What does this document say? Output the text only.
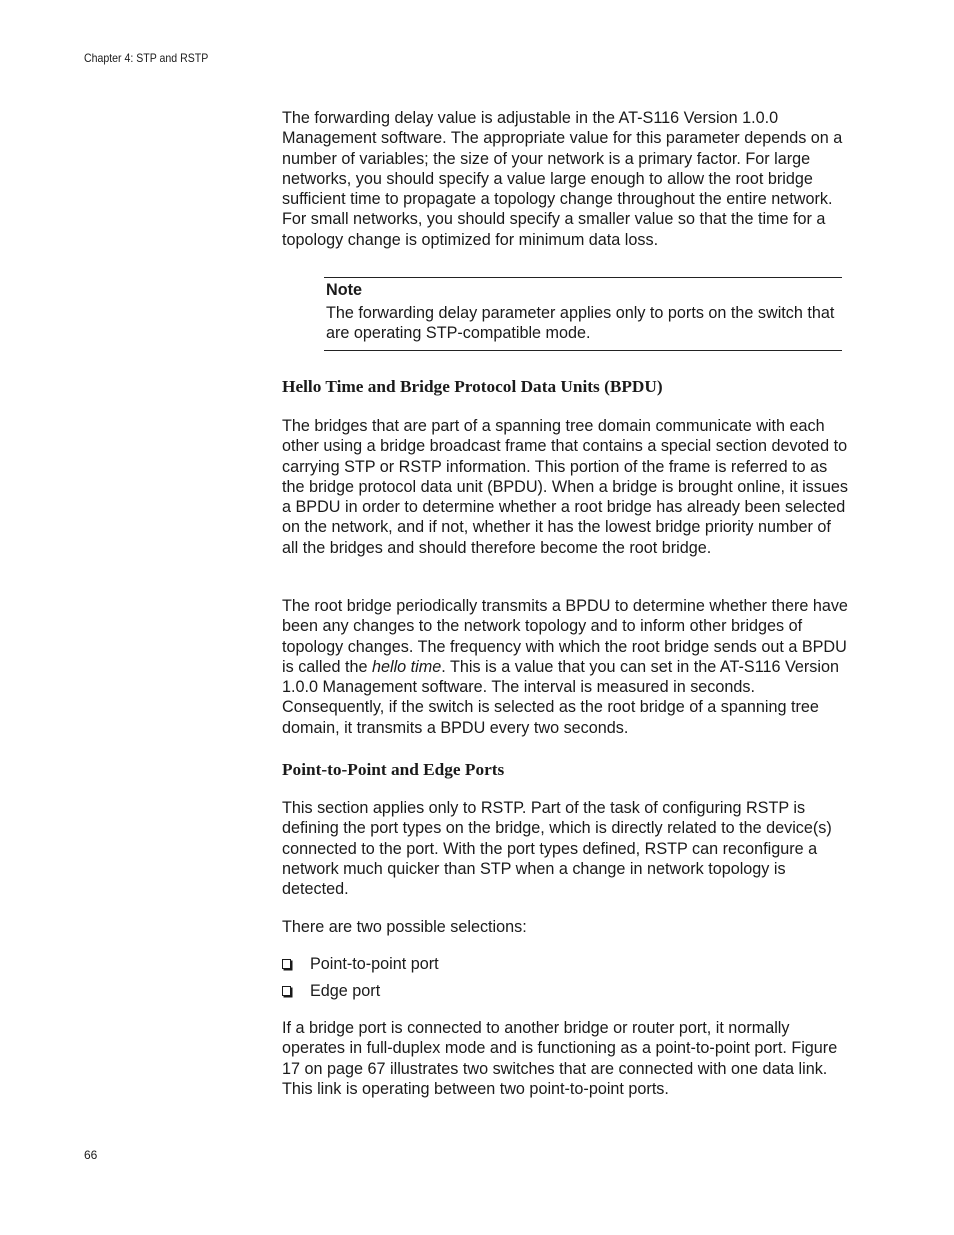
Chapter 4: STP and RSTP

The forwarding delay value is adjustable in the AT-S116 Version 1.0.0 Management software. The appropriate value for this parameter depends on a number of variables; the size of your network is a primary factor. For large networks, you should specify a value large enough to allow the root bridge sufficient time to propagate a topology change throughout the entire network. For small networks, you should specify a smaller value so that the time for a topology change is optimized for minimum data loss.

Note
The forwarding delay parameter applies only to ports on the switch that are operating STP-compatible mode.
Hello Time and Bridge Protocol Data Units (BPDU)

The bridges that are part of a spanning tree domain communicate with each other using a bridge broadcast frame that contains a special section devoted to carrying STP or RSTP information. This portion of the frame is referred to as the bridge protocol data unit (BPDU). When a bridge is brought online, it issues a BPDU in order to determine whether a root bridge has already been selected on the network, and if not, whether it has the lowest bridge priority number of all the bridges and should therefore become the root bridge.

The root bridge periodically transmits a BPDU to determine whether there have been any changes to the network topology and to inform other bridges of topology changes. The frequency with which the root bridge sends out a BPDU is called the hello time. This is a value that you can set in the AT-S116 Version 1.0.0 Management software. The interval is measured in seconds. Consequently, if the switch is selected as the root bridge of a spanning tree domain, it transmits a BPDU every two seconds.

Point-to-Point and Edge Ports

This section applies only to RSTP. Part of the task of configuring RSTP is defining the port types on the bridge, which is directly related to the device(s) connected to the port. With the port types defined, RSTP can reconfigure a network much quicker than STP when a change in network topology is detected.

There are two possible selections:

Point-to-point port
Edge port

If a bridge port is connected to another bridge or router port, it normally operates in full-duplex mode and is functioning as a point-to-point port. Figure 17 on page 67 illustrates two switches that are connected with one data link. This link is operating between two point-to-point ports.

66
